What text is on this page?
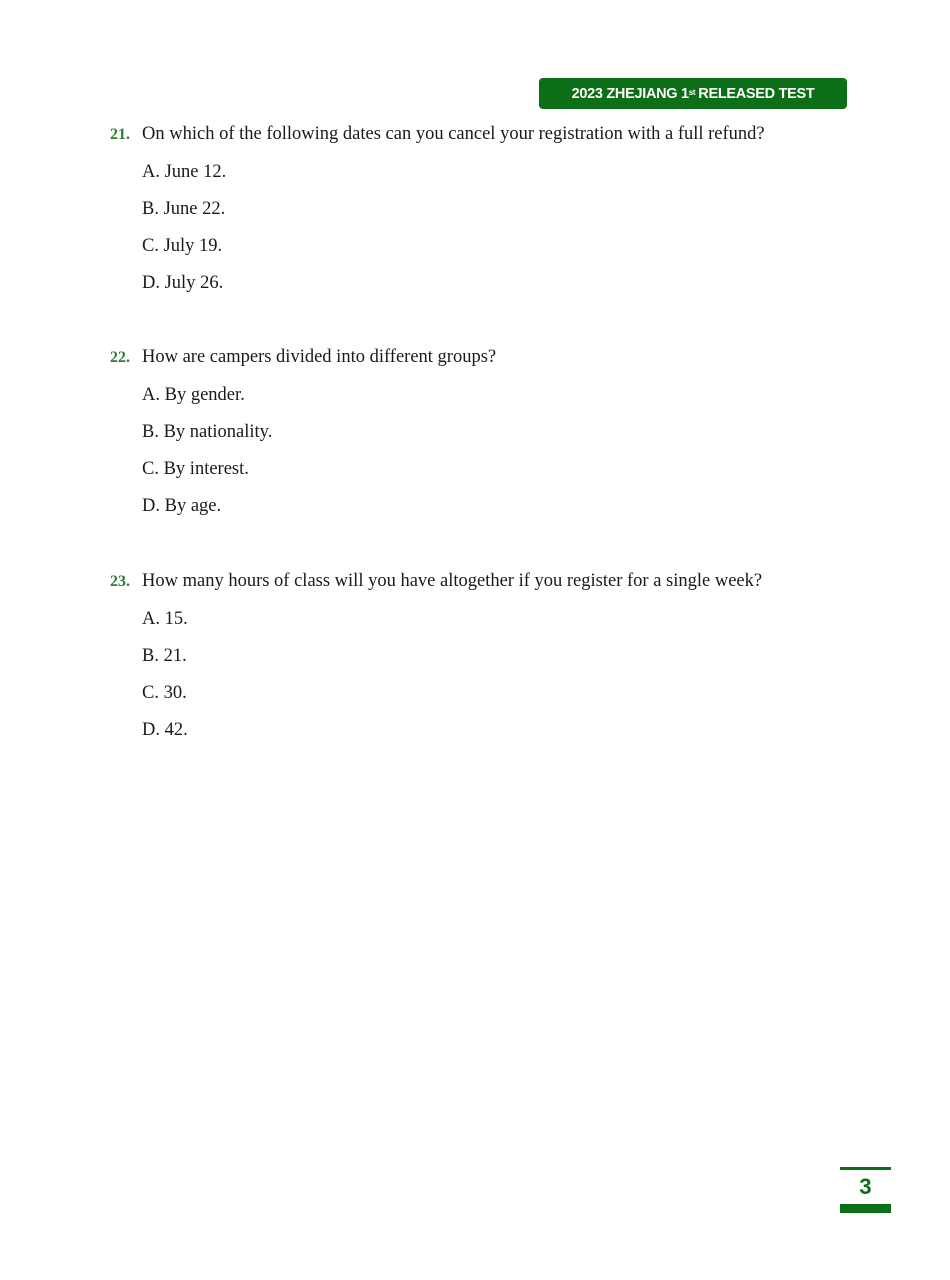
2023 ZHEJIANG 1st RELEASED TEST
21. On which of the following dates can you cancel your registration with a full refund?
A. June 12.
B. June 22.
C. July 19.
D. July 26.
22. How are campers divided into different groups?
A. By gender.
B. By nationality.
C. By interest.
D. By age.
23. How many hours of class will you have altogether if you register for a single week?
A. 15.
B. 21.
C. 30.
D. 42.
3
